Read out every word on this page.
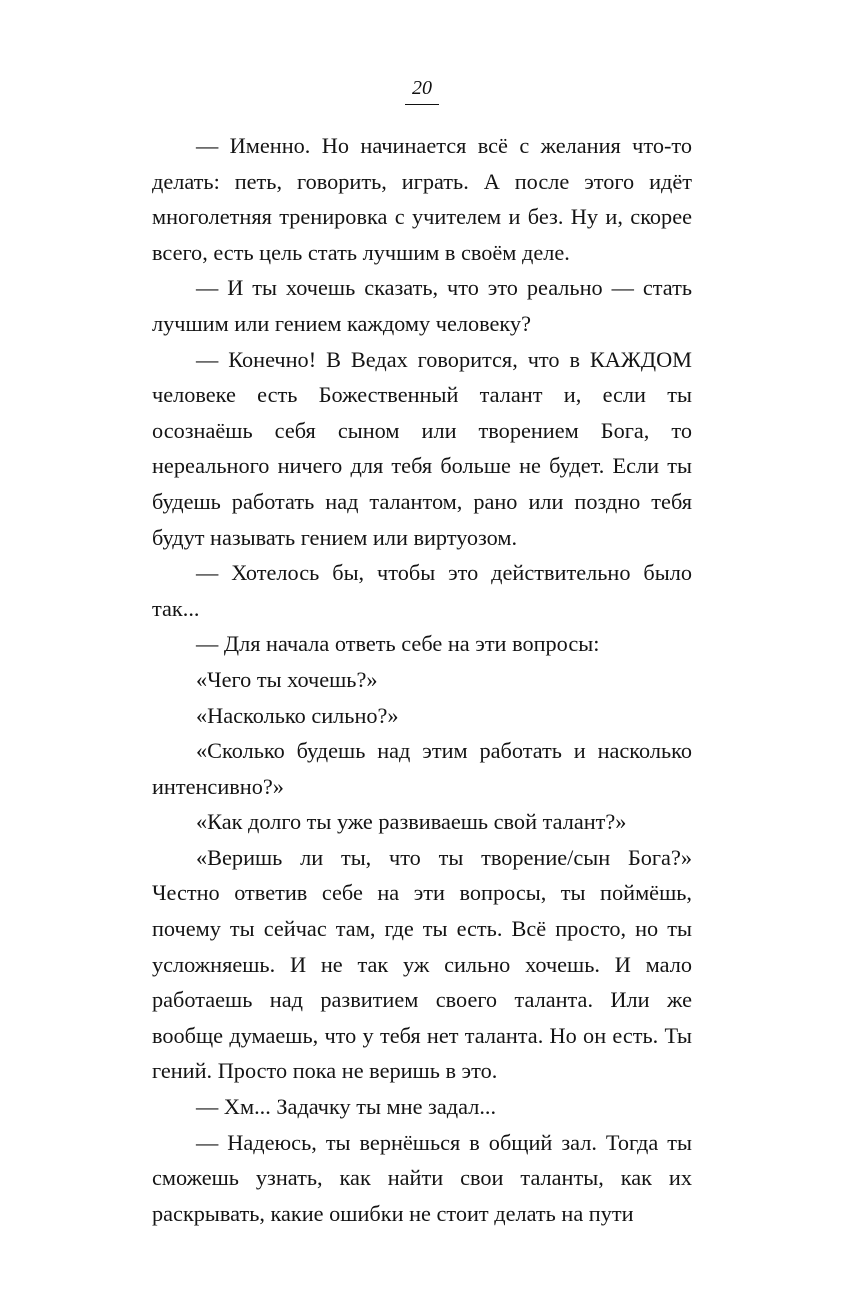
20

— Именно. Но начинается всё с желания что-то делать: петь, говорить, играть. А после этого идёт многолетняя тренировка с учителем и без. Ну и, скорее всего, есть цель стать лучшим в своём деле.

— И ты хочешь сказать, что это реально — стать лучшим или гением каждому человеку?

— Конечно! В Ведах говорится, что в КАЖДОМ человеке есть Божественный талант и, если ты осознаёшь себя сыном или творением Бога, то нереального ничего для тебя больше не будет. Если ты будешь работать над талантом, рано или поздно тебя будут называть гением или виртуозом.

— Хотелось бы, чтобы это действительно было так...

— Для начала ответь себе на эти вопросы:

«Чего ты хочешь?»

«Насколько сильно?»

«Сколько будешь над этим работать и насколько интенсивно?»

«Как долго ты уже развиваешь свой талант?»

«Веришь ли ты, что ты творение/сын Бога?» Честно ответив себе на эти вопросы, ты поймёшь, почему ты сейчас там, где ты есть. Всё просто, но ты усложняешь. И не так уж сильно хочешь. И мало работаешь над развитием своего таланта. Или же вообще думаешь, что у тебя нет таланта. Но он есть. Ты гений. Просто пока не веришь в это.

— Хм... Задачку ты мне задал...

— Надеюсь, ты вернёшься в общий зал. Тогда ты сможешь узнать, как найти свои таланты, как их раскрывать, какие ошибки не стоит делать на пути
